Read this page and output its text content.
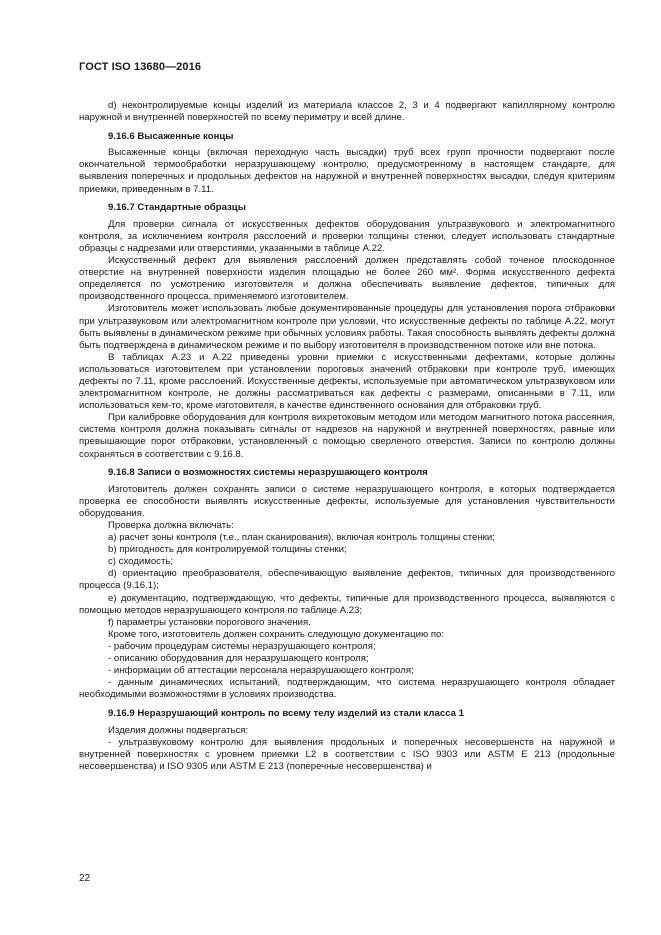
ГОСТ ISO 13680—2016

d) неконтролируемые концы изделий из материала классов 2, 3 и 4 подвергают капиллярному контролю наружной и внутренней поверхностей по всему периметру и всей длине.

9.16.6 Высаженные концы

Высаженные концы (включая переходную часть высадки) труб всех групп прочности подвергают после окончательной термообработки неразрушающему контролю, предусмотренному в настоящем стандарте, для выявления поперечных и продольных дефектов на наружной и внутренней поверхностях высадки, следуя критериям приемки, приведенным в 7.11.

9.16.7 Стандартные образцы

Для проверки сигнала от искусственных дефектов оборудования ультразвукового и электромагнитного контроля, за исключением контроля расслоений и проверки толщины стенки, следует использовать стандартные образцы с надрезами или отверстиями, указанными в таблице А.22.

Искусственный дефект для выявления расслоений должен представлять собой точеное плоскодонное отверстие на внутренней поверхности изделия площадью не более 260 мм². Форма искусственного дефекта определяется по усмотрению изготовителя и должна обеспечивать выявление дефектов, типичных для производственного процесса, применяемого изготовителем.

Изготовитель может использовать любые документированные процедуры для установления порога отбраковки при ультразвуковом или электромагнитном контроле при условии, что искусственные дефекты по таблице А.22, могут быть выявлены в динамическом режиме при обычных условиях работы. Такая способность выявлять дефекты должна быть подтверждена в динамическом режиме и по выбору изготовителя в производственном потоке или вне потока.

В таблицах А.23 и А.22 приведены уровни приемки с искусственными дефектами, которые должны использоваться изготовителем при установлении пороговых значений отбраковки при контроле труб, имеющих дефекты по 7.11, кроме расслоений. Искусственные дефекты, используемые при автоматическом ультразвуковом или электромагнитном контроле, не должны рассматриваться как дефекты с размерами, описанными в 7.11, или использоваться кем-то, кроме изготовителя, в качестве единственного основания для отбраковки труб.

При калибровке оборудования для контроля вихретоковым методом или методом магнитного потока рассеяния, система контроля должна показывать сигналы от надрезов на наружной и внутренней поверхностях, равные или превышающие порог отбраковки, установленный с помощью сверленого отверстия. Записи по контролю должны сохраняться в соответствии с 9.16.8.

9.16.8 Записи о возможностях системы неразрушающего контроля

Изготовитель должен сохранять записи о системе неразрушающего контроля, в которых подтверждается проверка ее способности выявлять искусственные дефекты, используемые для установления чувствительности оборудования.

Проверка должна включать:

a) расчет зоны контроля (т.е., план сканирования), включая контроль толщины стенки;

b) пригодность для контролируемой толщины стенки;

c) сходимость;

d) ориентацию преобразователя, обеспечивающую выявление дефектов, типичных для производственного процесса (9.16.1);

e) документацию, подтверждающую, что дефекты, типичные для производственного процесса, выявляются с помощью методов неразрушающего контроля по таблице А.23;

f) параметры установки порогового значения.

Кроме того, изготовитель должен сохранить следующую документацию по:

- рабочим процедурам системы неразрушающего контроля;

- описанию оборудования для неразрушающего контроля;

- информации об аттестации персонала неразрушающего контроля;

- данным динамических испытаний, подтверждающим, что система неразрушающего контроля обладает необходимыми возможностями в условиях производства.

9.16.9 Неразрушающий контроль по всему телу изделий из стали класса 1

Изделия должны подвергаться:

- ультразвуковому контролю для выявления продольных и поперечных несовершенств на наружной и внутренней поверхностях с уровнем приемки L2 в соответствии с ISO 9303 или ASTM E 213 (продольные несовершенства) и ISO 9305 или ASTM E 213 (поперечные несовершенства) и

22
